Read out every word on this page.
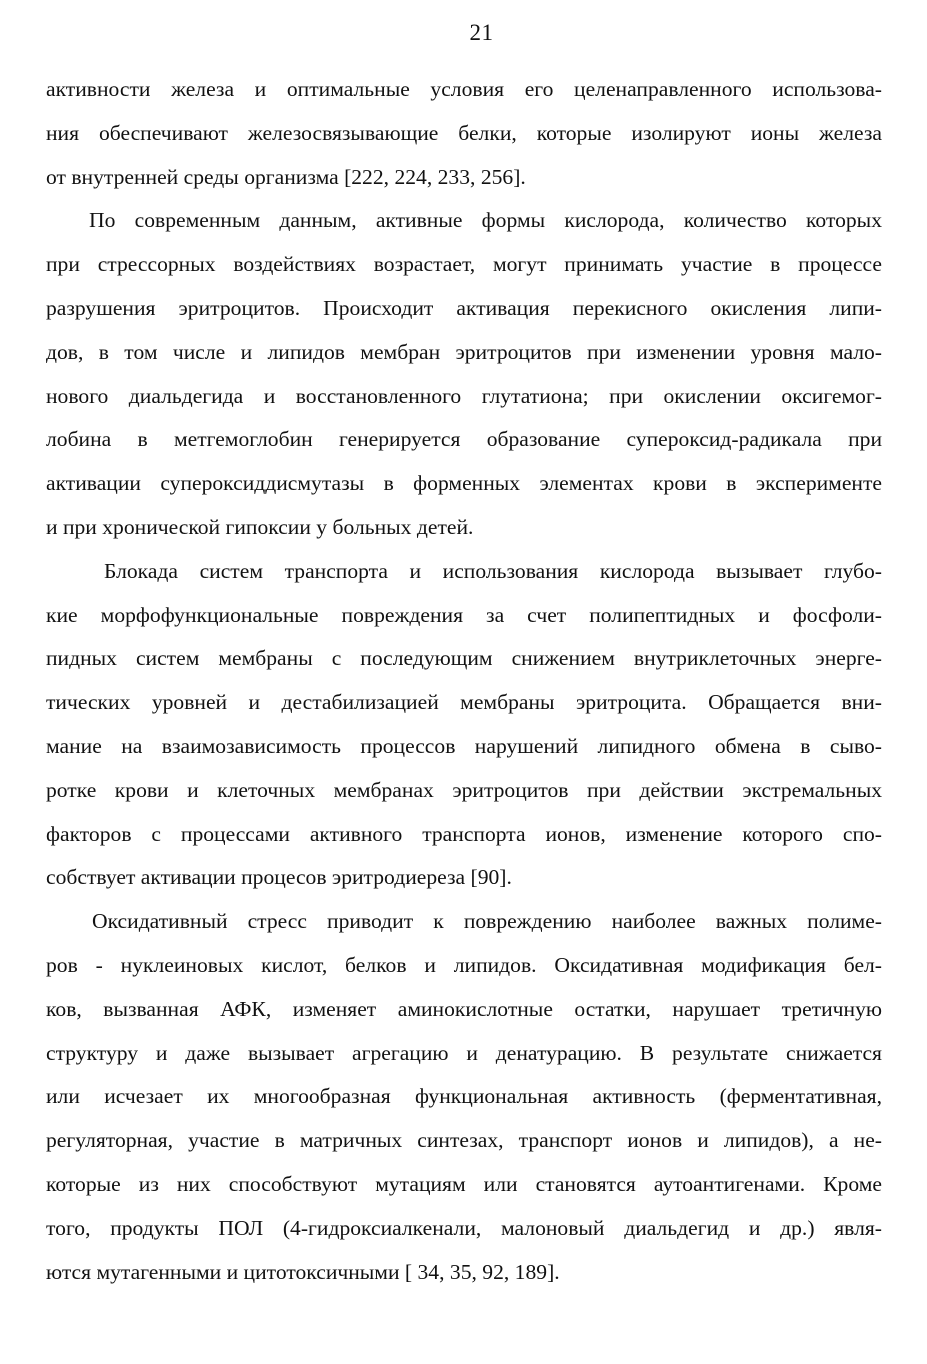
21
активности железа и оптимальные условия его целенаправленного использова-
ния обеспечивают железосвязывающие белки, которые изолируют ионы железа
от внутренней среды организма [222, 224, 233, 256].
По современным данным, активные формы кислорода, количество которых
при стрессорных воздействиях возрастает, могут принимать участие в процессе
разрушения эритроцитов. Происходит активация перекисного окисления липи-
дов, в том числе и липидов мембран эритроцитов при изменении уровня мало-
нового диальдегида и восстановленного глутатиона; при окислении оксигемог-
лобина в метгемоглобин генерируется образование супероксид-радикала при
активации супероксиддисмутазы в форменных элементах крови в эксперименте
и при хронической гипоксии у больных детей.
Блокада систем транспорта и использования кислорода вызывает глубо-
кие морфофункциональные повреждения за счет полипептидных и фосфоли-
пидных систем мембраны с последующим снижением внутриклеточных энерге-
тических уровней и дестабилизацией мембраны эритроцита. Обращается вни-
мание на взаимозависимость процессов нарушений липидного обмена в сыво-
ротке крови и клеточных мембранах эритроцитов при действии экстремальных
факторов с процессами активного транспорта ионов, изменение которого спо-
собствует активации процесов эритродиереза [90].
Оксидативный стресс приводит к повреждению наиболее важных полиме-
ров - нуклеиновых кислот, белков и липидов. Оксидативная модификация бел-
ков, вызванная АФК, изменяет аминокислотные остатки, нарушает третичную
структуру и даже вызывает агрегацию и денатурацию. В результате снижается
или исчезает их многообразная функциональная активность (ферментативная,
регуляторная, участие в матричных синтезах, транспорт ионов и липидов), а не-
которые из них способствуют мутациям или становятся аутоантигенами. Кроме
того, продукты ПОЛ (4-гидроксиалкенали, малоновый диальдегид и др.) явля-
ются мутагенными и цитотоксичными [ 34, 35, 92, 189].
